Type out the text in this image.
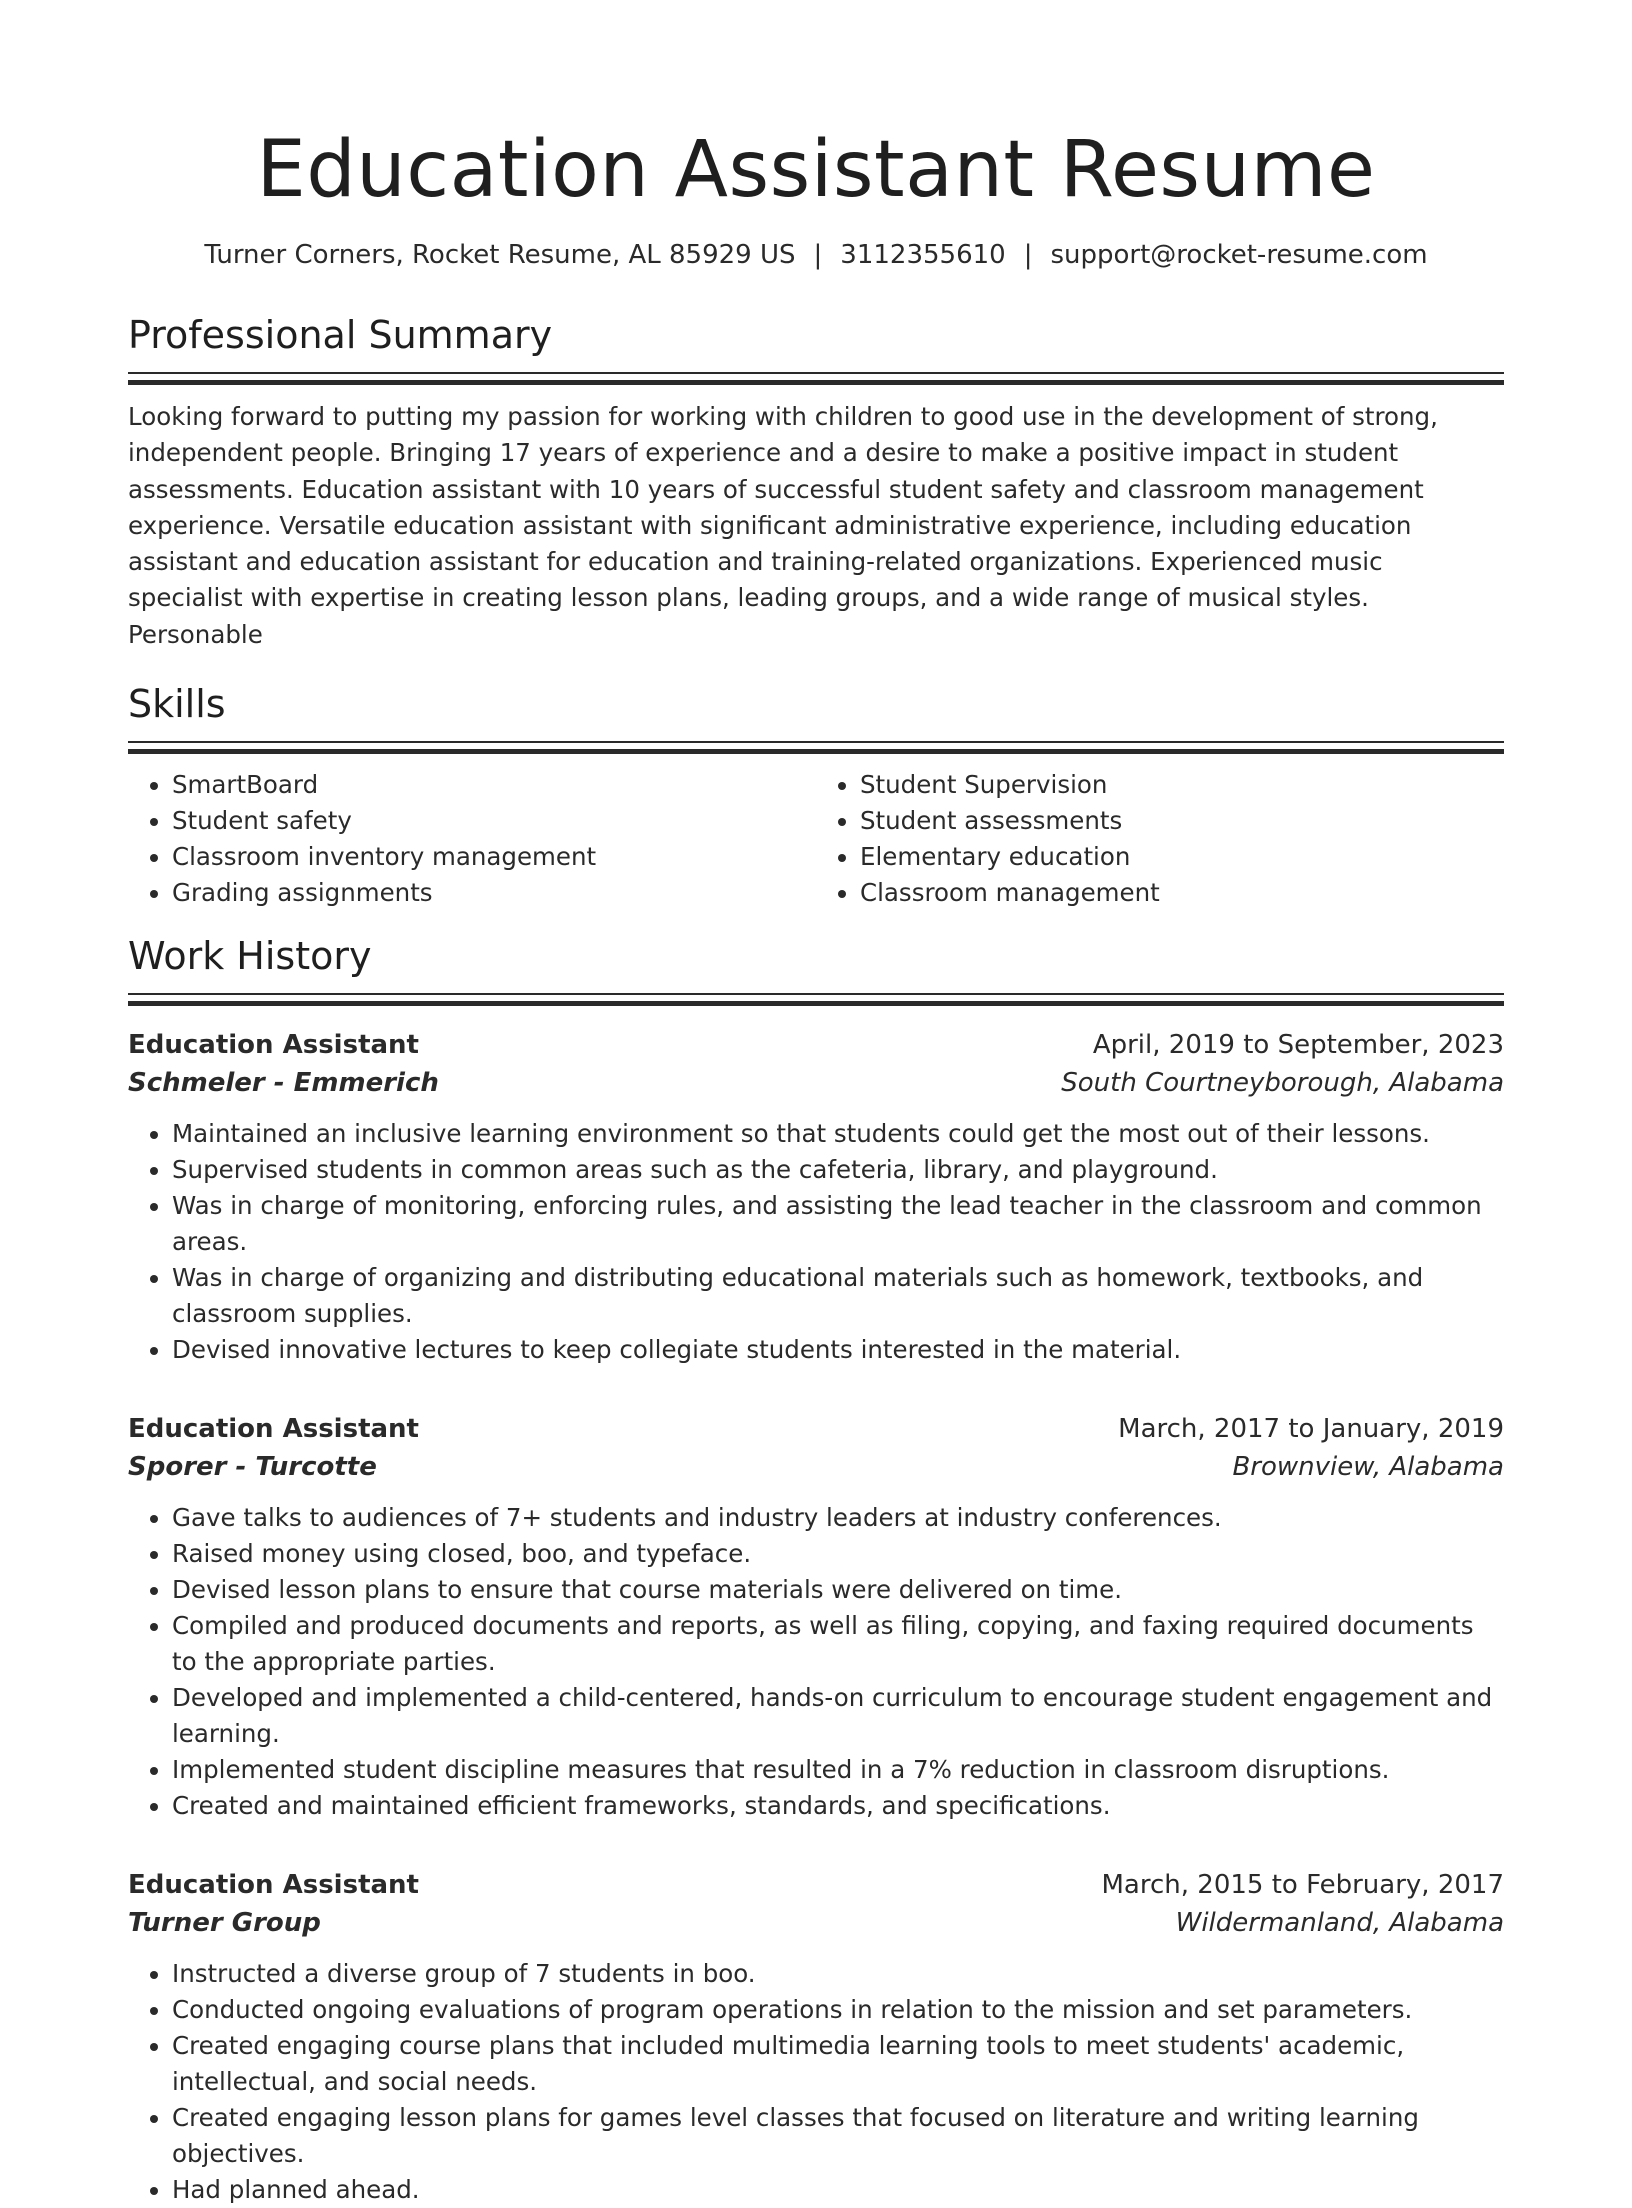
Education Assistant Resume
Turner Corners, Rocket Resume, AL 85929 US | 3112355610 | support@rocket-resume.com
Professional Summary

Looking forward to putting my passion for working with children to good use in the development of strong, independent people. Bringing 17 years of experience and a desire to make a positive impact in student assessments. Education assistant with 10 years of successful student safety and classroom management experience. Versatile education assistant with significant administrative experience, including education assistant and education assistant for education and training-related organizations. Experienced music specialist with expertise in creating lesson plans, leading groups, and a wide range of musical styles. Personable

Skills
• SmartBoard
• Student safety
• Classroom inventory management
• Grading assignments
• Student Supervision
• Student assessments
• Elementary education
• Classroom management
Work History
Education Assistant	April, 2019 to September, 2023
Schmeler - Emmerich	South Courtneyborough, Alabama
• Maintained an inclusive learning environment so that students could get the most out of their lessons.
• Supervised students in common areas such as the cafeteria, library, and playground.
• Was in charge of monitoring, enforcing rules, and assisting the lead teacher in the classroom and common areas.
• Was in charge of organizing and distributing educational materials such as homework, textbooks, and classroom supplies.
• Devised innovative lectures to keep collegiate students interested in the material.
Education Assistant	March, 2017 to January, 2019
Sporer - Turcotte	Brownview, Alabama
• Gave talks to audiences of 7+ students and industry leaders at industry conferences.
• Raised money using closed, boo, and typeface.
• Devised lesson plans to ensure that course materials were delivered on time.
• Compiled and produced documents and reports, as well as filing, copying, and faxing required documents to the appropriate parties.
• Developed and implemented a child-centered, hands-on curriculum to encourage student engagement and learning.
• Implemented student discipline measures that resulted in a 7% reduction in classroom disruptions.
• Created and maintained efficient frameworks, standards, and specifications.
Education Assistant	March, 2015 to February, 2017
Turner Group	Wildermanland, Alabama
• Instructed a diverse group of 7 students in boo.
• Conducted ongoing evaluations of program operations in relation to the mission and set parameters.
• Created engaging course plans that included multimedia learning tools to meet students' academic, intellectual, and social needs.
• Created engaging lesson plans for games level classes that focused on literature and writing learning objectives.
• Had planned ahead.
